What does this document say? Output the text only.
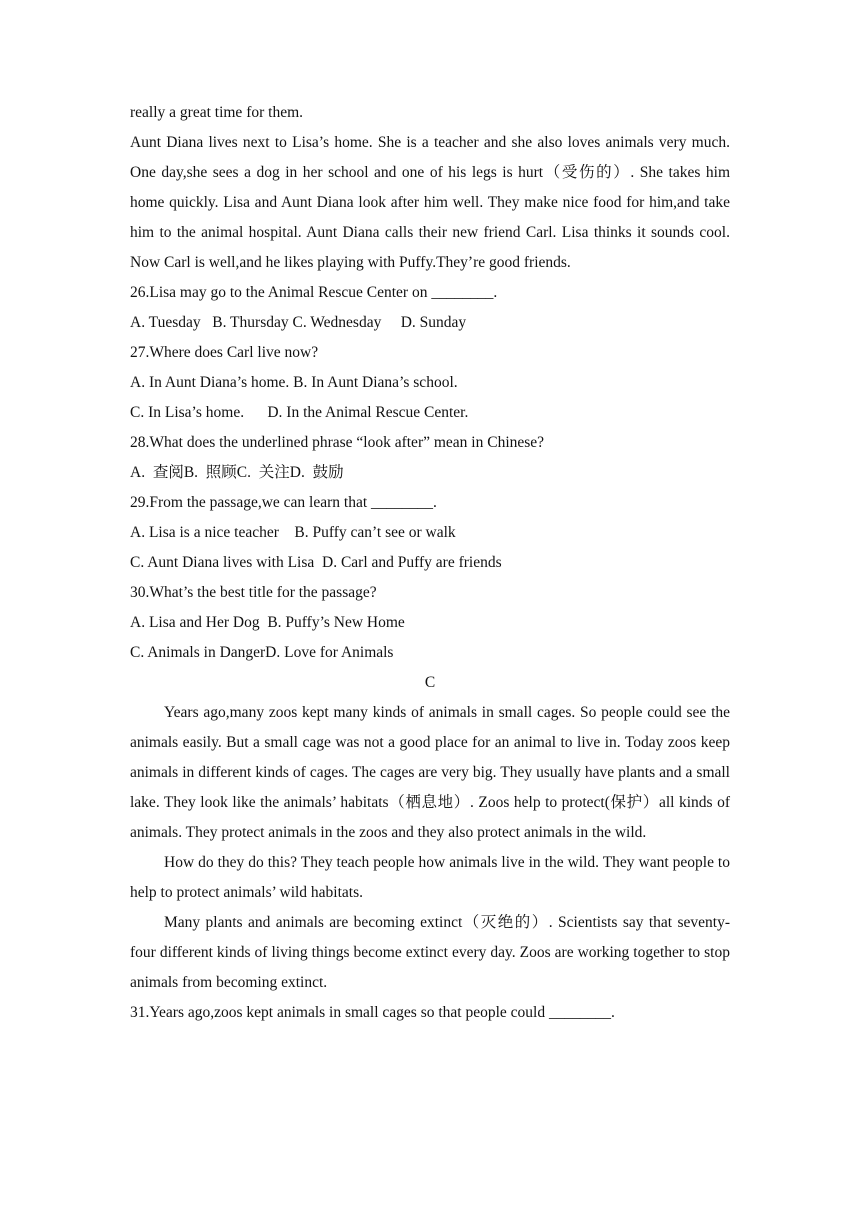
really a great time for them.

Aunt Diana lives next to Lisa’s home. She is a teacher and she also loves animals very much. One day,she sees a dog in her school and one of his legs is hurt（受伤的）. She takes him home quickly. Lisa and Aunt Diana look after him well. They make nice food for him,and take him to the animal hospital. Aunt Diana calls their new friend Carl. Lisa thinks it sounds cool. Now Carl is well,and he likes playing with Puffy.They’re good friends.

26.Lisa may go to the Animal Rescue Center on ________.

A. Tuesday   B. Thursday C. Wednesday     D. Sunday

27.Where does Carl live now?

A. In Aunt Diana’s home. B. In Aunt Diana’s school.

C. In Lisa’s home.      D. In the Animal Rescue Center.

28.What does the underlined phrase “look after” mean in Chinese?

A.  查阅B.  照顾C.  关注D.  鼓励

29.From the passage,we can learn that ________.

A. Lisa is a nice teacher    B. Puffy can’t see or walk

C. Aunt Diana lives with Lisa  D. Carl and Puffy are friends

30.What’s the best title for the passage?

A. Lisa and Her Dog  B. Puffy’s New Home

C. Animals in DangerD. Love for Animals

C

Years ago,many zoos kept many kinds of animals in small cages. So people could see the animals easily. But a small cage was not a good place for an animal to live in. Today zoos keep animals in different kinds of cages. The cages are very big. They usually have plants and a small lake. They look like the animals’ habitats（栖息地）. Zoos help to protect(保护）all kinds of animals. They protect animals in the zoos and they also protect animals in the wild.

How do they do this? They teach people how animals live in the wild. They want people to help to protect animals’ wild habitats.

Many plants and animals are becoming extinct（灭绝的）. Scientists say that seventy-four different kinds of living things become extinct every day. Zoos are working together to stop animals from becoming extinct.

31.Years ago,zoos kept animals in small cages so that people could ________.
